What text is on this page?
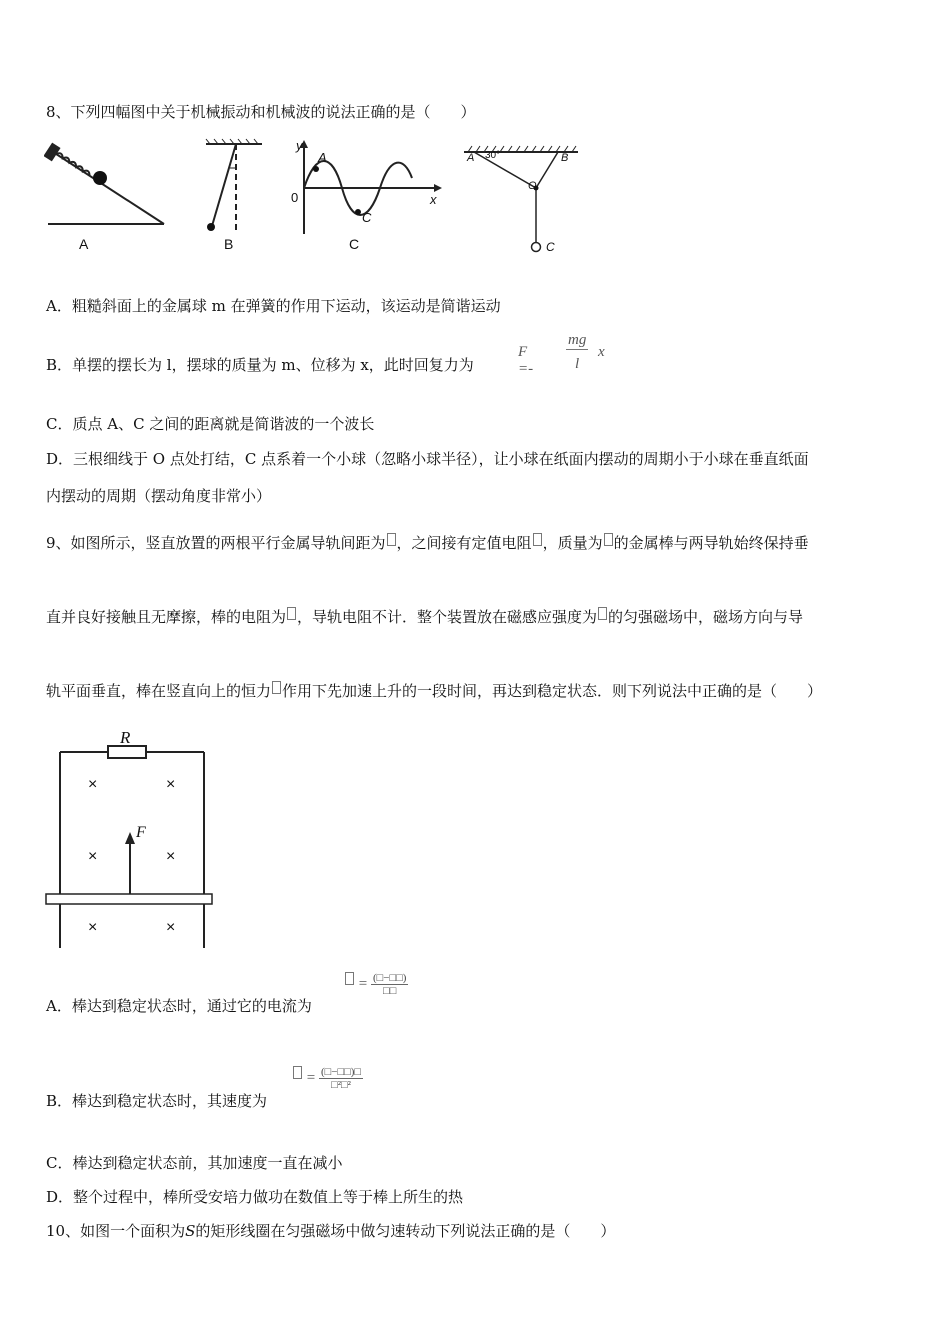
8、下列四幅图中关于机械振动和机械波的说法正确的是（　　）
A	B
y
0	x
A
C
C
A 30°	B
O
C
A．粗糙斜面上的金属球 m 在弹簧的作用下运动，该运动是简谐运动
B．单摆的摆长为 l，摆球的质量为 m、位移为 x，此时回复力为
F =-
mg
l
x
C．质点 A、C 之间的距离就是简谐波的一个波长
D．三根细线于 O 点处打结，C 点系着一个小球（忽略小球半径），让小球在纸面内摆动的周期小于小球在垂直纸面
内摆动的周期（摆动角度非常小）
9、如图所示，竖直放置的两根平行金属导轨间距为 ，之间接有定值电阻 ，质量为 的金属棒与两导轨始终保持垂
直并良好接触且无摩擦，棒的电阻为 ，导轨电阻不计．整个装置放在磁感应强度为 的匀强磁场中，磁场方向与导
轨平面垂直，棒在竖直向上的恒力 作用下先加速上升的一段时间，再达到稳定状态．则下列说法中正确的是（　　）
R
F
×	×
×	×
×	×
A．棒达到稳定状态时，通过它的电流为
= $\frac{(□-□□)}{□□}$
B．棒达到稳定状态时，其速度为
= $\frac{(□-□□)□}{\text{□²□²}}$
C．棒达到稳定状态前，其加速度一直在减小
D．整个过程中，棒所受安培力做功在数值上等于棒上所生的热
10、如图一个面积为S的矩形线圈在匀强磁场中做匀速转动下列说法正确的是（　　）
